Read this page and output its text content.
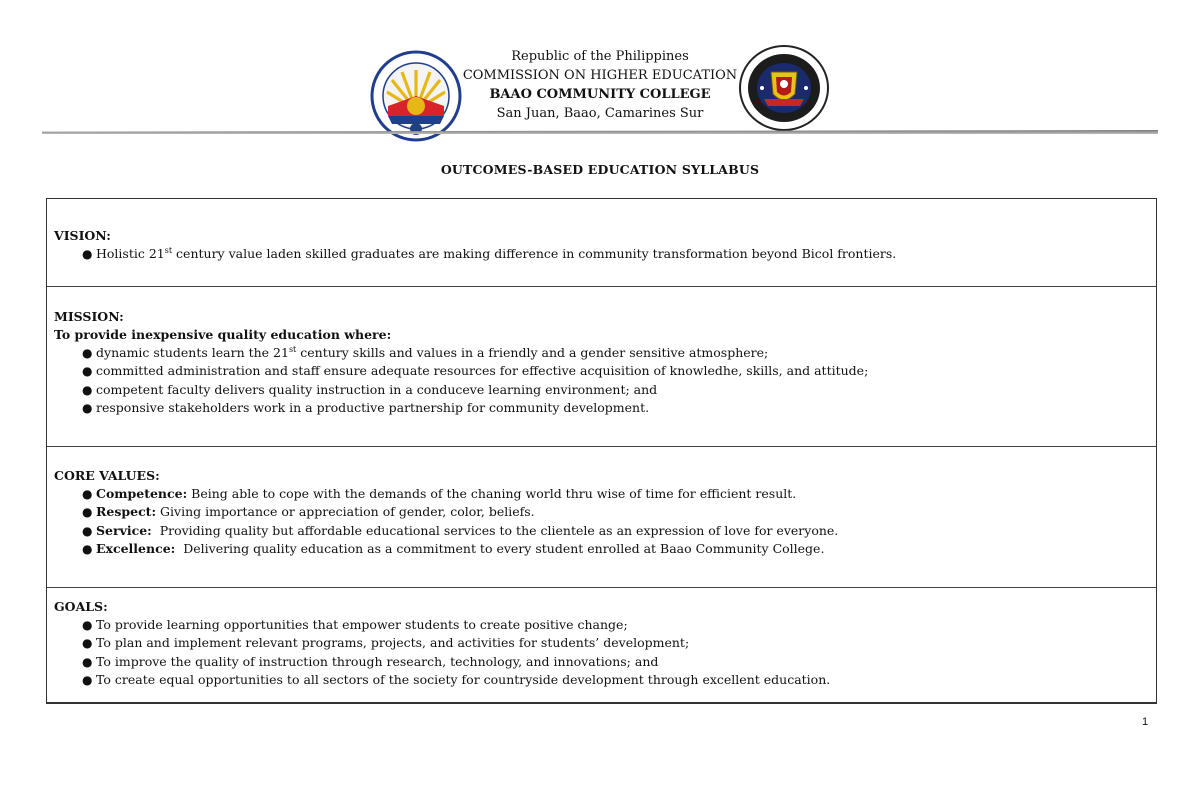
Republic of the Philippines
COMMISSION ON HIGHER EDUCATION
BAAO COMMUNITY COLLEGE
San Juan, Baao, Camarines Sur
OUTCOMES-BASED EDUCATION SYLLABUS
VISION:
● Holistic 21st century value laden skilled graduates are making difference in community transformation beyond Bicol frontiers.
MISSION:
To provide inexpensive quality education where:
● dynamic students learn the 21st century skills and values in a friendly and a gender sensitive atmosphere;
● committed administration and staff ensure adequate resources for effective acquisition of knowledhe, skills, and attitude;
● competent faculty delivers quality instruction in a conduceve learning environment; and
● responsive stakeholders work in a productive partnership for community development.
CORE VALUES:
● Competence: Being able to cope with the demands of the chaning world thru wise of time for efficient result.
● Respect: Giving importance or appreciation of gender, color, beliefs.
● Service:  Providing quality but affordable educational services to the clientele as an expression of love for everyone.
● Excellence:  Delivering quality education as a commitment to every student enrolled at Baao Community College.
GOALS:
● To provide learning opportunities that empower students to create positive change;
● To plan and implement relevant programs, projects, and activities for students’ development;
● To improve the quality of instruction through research, technology, and innovations; and
● To create equal opportunities to all sectors of the society for countryside development through excellent education.
1
